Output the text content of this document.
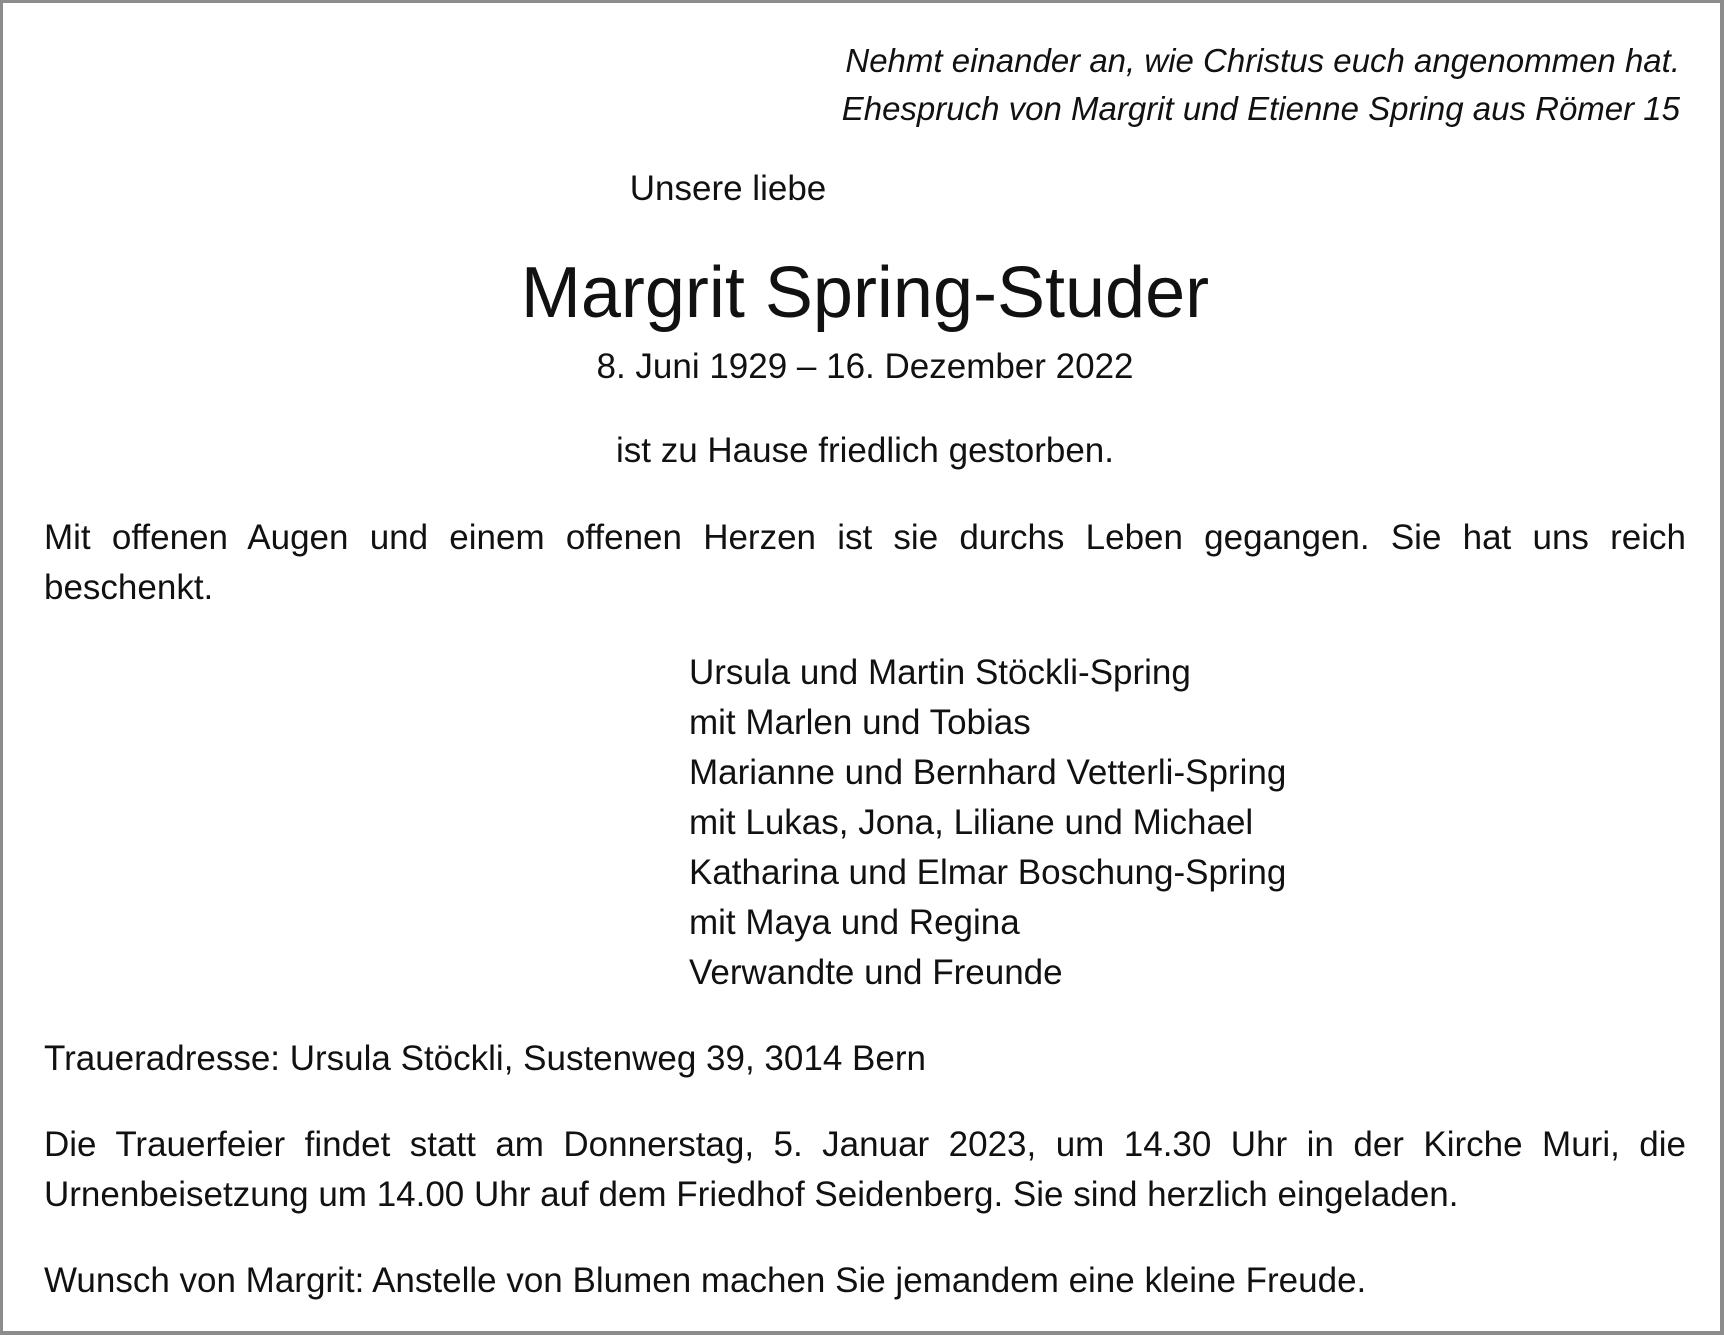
Nehmt einander an, wie Christus euch angenommen hat.
Ehespruch von Margrit und Etienne Spring aus Römer 15
Unsere liebe
Margrit Spring-Studer
8. Juni 1929 – 16. Dezember 2022
ist zu Hause friedlich gestorben.
Mit offenen Augen und einem offenen Herzen ist sie durchs Leben gegangen. Sie hat uns reich beschenkt.
Ursula und Martin Stöckli-Spring
mit Marlen und Tobias
Marianne und Bernhard Vetterli-Spring
mit Lukas, Jona, Liliane und Michael
Katharina und Elmar Boschung-Spring
mit Maya und Regina
Verwandte und Freunde
Traueradresse: Ursula Stöckli, Sustenweg 39, 3014 Bern
Die Trauerfeier findet statt am Donnerstag, 5. Januar 2023, um 14.30 Uhr in der Kirche Muri, die Urnenbeisetzung um 14.00 Uhr auf dem Friedhof Seidenberg. Sie sind herzlich eingeladen.
Wunsch von Margrit: Anstelle von Blumen machen Sie jemandem eine kleine Freude.
